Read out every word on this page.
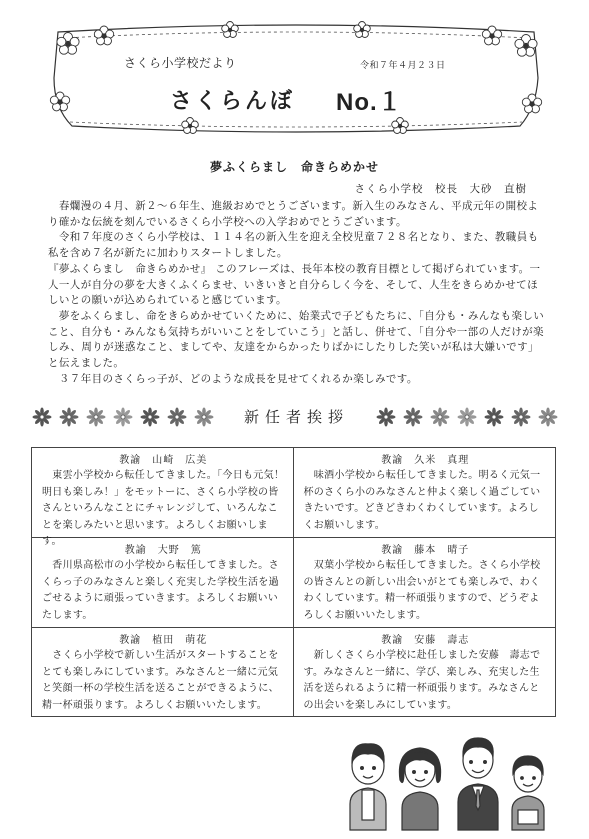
さくら小学校だより	令和７年４月２３日
さくらんぼ No.１
夢ふくらまし　命きらめかせ
さくら小学校　校長　大砂　直樹

　春爛漫の４月、新２～６年生、進級おめでとうございます。新入生のみなさん、平成元年の開校より確かな伝統を刻んでいるさくら小学校への入学おめでとうございます。

　令和７年度のさくら小学校は、１１４名の新入生を迎え全校児童７２８名となり、また、教職員も私を含め７名が新たに加わりスタートしました。

『夢ふくらまし　命きらめかせ』 このフレーズは、長年本校の教育目標として掲げられています。一人一人が自分の夢を大きくふくらませ、いきいきと自分らしく今を、そして、人生をきらめかせてほしいとの願いが込められていると感じています。

　夢をふくらまし、命をきらめかせていくために、始業式で子どもたちに、「自分も・みんなも楽しいこと、自分も・みんなも気持ちがいいことをしていこう」と話し、併せて、「自分や一部の人だけが楽しみ、周りが迷惑なこと、ましてや、友達をからかったりばかにしたりした笑いが私は大嫌いです」と伝えました。

　３７年目のさくらっ子が、どのような成長を見せてくれるか楽しみです。

新任者挨拶
教諭　山崎　広美
　東雲小学校から転任してきました。「今日も元気！明日も楽しみ！」をモットーに、さくら小学校の皆さんといろんなことにチャレンジして、いろんなことを楽しみたいと思います。よろしくお願いします。
教諭　久米　真理
　味酒小学校から転任してきました。明るく元気一杯のさくら小のみなさんと仲よく楽しく過ごしていきたいです。どきどきわくわくしています。よろしくお願いします。
教諭　大野　篤
　香川県高松市の小学校から転任してきました。さくらっ子のみなさんと楽しく充実した学校生活を過ごせるように頑張っていきます。よろしくお願いいたします。
教諭　藤本　晴子
　双葉小学校から転任してきました。さくら小学校の皆さんとの新しい出会いがとても楽しみで、わくわくしています。精一杯頑張りますので、どうぞよろしくお願いいたします。
教諭　植田　萌花
　さくら小学校で新しい生活がスタートすることをとても楽しみにしています。みなさんと一緒に元気と笑顔一杯の学校生活を送ることができるように、精一杯頑張ります。よろしくお願いいたします。
教諭　安藤　壽志
　新しくさくら小学校に赴任しました安藤　壽志です。みなさんと一緒に、学び、楽しみ、充実した生活を送られるように精一杯頑張ります。みなさんとの出会いを楽しみにしています。
